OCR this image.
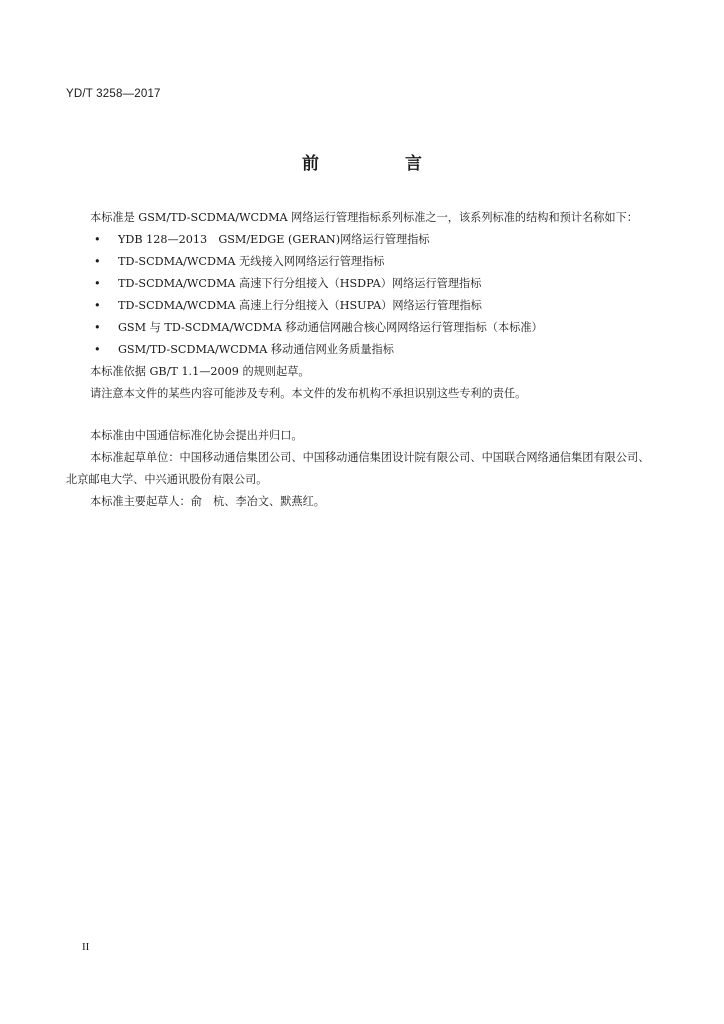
YD/T 3258—2017
前 言

本标准是 GSM/TD-SCDMA/WCDMA 网络运行管理指标系列标准之一，该系列标准的结构和预计名称如下：

• YDB 128—2013　GSM/EDGE (GERAN)网络运行管理指标
• TD-SCDMA/WCDMA 无线接入网网络运行管理指标
• TD-SCDMA/WCDMA 高速下行分组接入（HSDPA）网络运行管理指标
• TD-SCDMA/WCDMA 高速上行分组接入（HSUPA）网络运行管理指标
• GSM 与 TD-SCDMA/WCDMA 移动通信网融合核心网网络运行管理指标（本标准）
• GSM/TD-SCDMA/WCDMA 移动通信网业务质量指标

本标准依据 GB/T 1.1—2009 的规则起草。

请注意本文件的某些内容可能涉及专利。本文件的发布机构不承担识别这些专利的责任。

本标准由中国通信标准化协会提出并归口。

本标准起草单位：中国移动通信集团公司、中国移动通信集团设计院有限公司、中国联合网络通信集团有限公司、北京邮电大学、中兴通讯股份有限公司。

本标准主要起草人：俞　杭、李冶文、默燕红。

II
